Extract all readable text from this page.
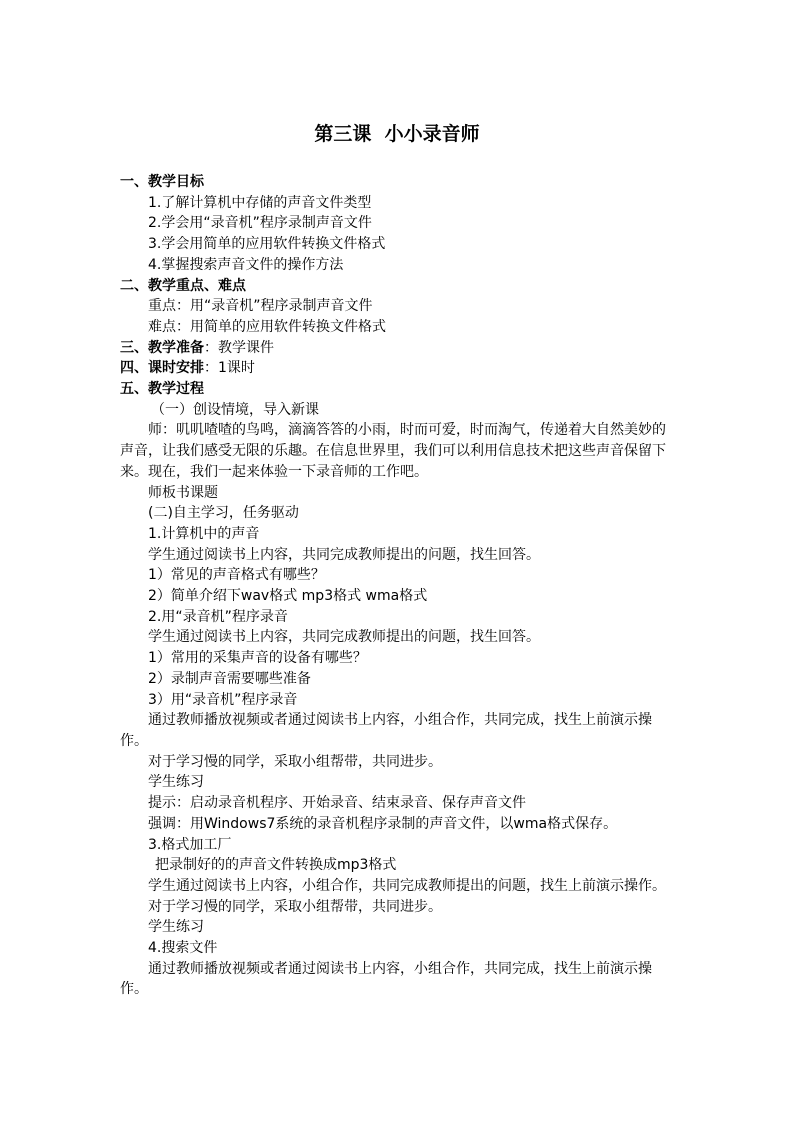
第三课  小小录音师
一、教学目标
1.了解计算机中存储的声音文件类型
2.学会用“录音机”程序录制声音文件
3.学会用简单的应用软件转换文件格式
4.掌握搜索声音文件的操作方法
二、教学重点、难点
重点：用“录音机”程序录制声音文件
难点：用简单的应用软件转换文件格式
三、教学准备：教学课件
四、课时安排：1课时
五、教学过程
（一）创设情境，导入新课
师：叽叽喳喳的鸟鸣，滴滴答答的小雨，时而可爱，时而淘气，传递着大自然美妙的声音，让我们感受无限的乐趣。在信息世界里，我们可以利用信息技术把这些声音保留下来。现在，我们一起来体验一下录音师的工作吧。
师板书课题
(二)自主学习，任务驱动
1.计算机中的声音
学生通过阅读书上内容，共同完成教师提出的问题，找生回答。
1）常见的声音格式有哪些？
2）简单介绍下wav格式 mp3格式 wma格式
2.用“录音机”程序录音
学生通过阅读书上内容，共同完成教师提出的问题，找生回答。
1）常用的采集声音的设备有哪些？
2）录制声音需要哪些准备
3）用“录音机”程序录音
通过教师播放视频或者通过阅读书上内容，小组合作，共同完成，找生上前演示操作。
对于学习慢的同学，采取小组帮带，共同进步。
学生练习
提示：启动录音机程序、开始录音、结束录音、保存声音文件
强调：用Windows7系统的录音机程序录制的声音文件，以wma格式保存。
3.格式加工厂
把录制好的的声音文件转换成mp3格式
学生通过阅读书上内容，小组合作，共同完成教师提出的问题，找生上前演示操作。
对于学习慢的同学，采取小组帮带，共同进步。
学生练习
4.搜索文件
通过教师播放视频或者通过阅读书上内容，小组合作，共同完成，找生上前演示操作。
